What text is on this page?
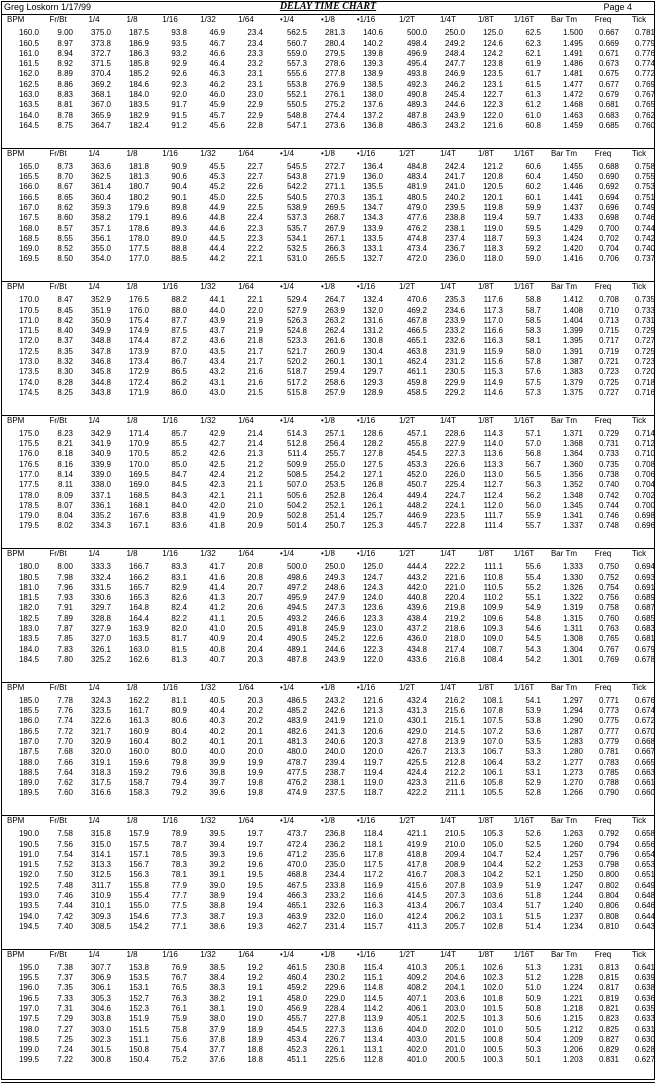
Greg Loskorn 1/17/99	DELAY TIME CHART	Page 4
BPM	Fr/Bt	1/4	1/8	1/16	1/32	1/64	•1/4	•1/8	•1/16	1/2T	1/4T	1/8T	1/16T	Bar Tm	Freq	Tick

160.0	9.00	375.0	187.5	93.8	46.9	23.4	562.5	281.3	140.6	500.0	250.0	125.0	62.5	1.500	0.667	0.781
160.5	8.97	373.8	186.9	93.5	46.7	23.4	560.7	280.4	140.2	498.4	249.2	124.6	62.3	1.495	0.669	0.779
161.0	8.94	372.7	186.3	93.2	46.6	23.3	559.0	279.5	139.8	496.9	248.4	124.2	62.1	1.491	0.671	0.776
161.5	8.92	371.5	185.8	92.9	46.4	23.2	557.3	278.6	139.3	495.4	247.7	123.8	61.9	1.486	0.673	0.774
162.0	8.89	370.4	185.2	92.6	46.3	23.1	555.6	277.8	138.9	493.8	246.9	123.5	61.7	1.481	0.675	0.772
162.5	8.86	369.2	184.6	92.3	46.2	23.1	553.8	276.9	138.5	492.3	246.2	123.1	61.5	1.477	0.677	0.769
163.0	8.83	368.1	184.0	92.0	46.0	23.0	552.1	276.1	138.0	490.8	245.4	122.7	61.3	1.472	0.679	0.767
163.5	8.81	367.0	183.5	91.7	45.9	22.9	550.5	275.2	137.6	489.3	244.6	122.3	61.2	1.468	0.681	0.765
164.0	8.78	365.9	182.9	91.5	45.7	22.9	548.8	274.4	137.2	487.8	243.9	122.0	61.0	1.463	0.683	0.762
164.5	8.75	364.7	182.4	91.2	45.6	22.8	547.1	273.6	136.8	486.3	243.2	121.6	60.8	1.459	0.685	0.760
BPM	Fr/Bt	1/4	1/8	1/16	1/32	1/64	•1/4	•1/8	•1/16	1/2T	1/4T	1/8T	1/16T	Bar Tm	Freq	Tick

165.0	8.73	363.6	181.8	90.9	45.5	22.7	545.5	272.7	136.4	484.8	242.4	121.2	60.6	1.455	0.688	0.758
165.5	8.70	362.5	181.3	90.6	45.3	22.7	543.8	271.9	136.0	483.4	241.7	120.8	60.4	1.450	0.690	0.755
166.0	8.67	361.4	180.7	90.4	45.2	22.6	542.2	271.1	135.5	481.9	241.0	120.5	60.2	1.446	0.692	0.753
166.5	8.65	360.4	180.2	90.1	45.0	22.5	540.5	270.3	135.1	480.5	240.2	120.1	60.1	1.441	0.694	0.751
167.0	8.62	359.3	179.6	89.8	44.9	22.5	538.9	269.5	134.7	479.0	239.5	119.8	59.9	1.437	0.696	0.749
167.5	8.60	358.2	179.1	89.6	44.8	22.4	537.3	268.7	134.3	477.6	238.8	119.4	59.7	1.433	0.698	0.746
168.0	8.57	357.1	178.6	89.3	44.6	22.3	535.7	267.9	133.9	476.2	238.1	119.0	59.5	1.429	0.700	0.744
168.5	8.55	356.1	178.0	89.0	44.5	22.3	534.1	267.1	133.5	474.8	237.4	118.7	59.3	1.424	0.702	0.742
169.0	8.52	355.0	177.5	88.8	44.4	22.2	532.5	266.3	133.1	473.4	236.7	118.3	59.2	1.420	0.704	0.740
169.5	8.50	354.0	177.0	88.5	44.2	22.1	531.0	265.5	132.7	472.0	236.0	118.0	59.0	1.416	0.706	0.737
BPM	Fr/Bt	1/4	1/8	1/16	1/32	1/64	•1/4	•1/8	•1/16	1/2T	1/4T	1/8T	1/16T	Bar Tm	Freq	Tick

170.0	8.47	352.9	176.5	88.2	44.1	22.1	529.4	264.7	132.4	470.6	235.3	117.6	58.8	1.412	0.708	0.735
170.5	8.45	351.9	176.0	88.0	44.0	22.0	527.9	263.9	132.0	469.2	234.6	117.3	58.7	1.408	0.710	0.733
171.0	8.42	350.9	175.4	87.7	43.9	21.9	526.3	263.2	131.6	467.8	233.9	117.0	58.5	1.404	0.713	0.731
171.5	8.40	349.9	174.9	87.5	43.7	21.9	524.8	262.4	131.2	466.5	233.2	116.6	58.3	1.399	0.715	0.729
172.0	8.37	348.8	174.4	87.2	43.6	21.8	523.3	261.6	130.8	465.1	232.6	116.3	58.1	1.395	0.717	0.727
172.5	8.35	347.8	173.9	87.0	43.5	21.7	521.7	260.9	130.4	463.8	231.9	115.9	58.0	1.391	0.719	0.725
173.0	8.32	346.8	173.4	86.7	43.4	21.7	520.2	260.1	130.1	462.4	231.2	115.6	57.8	1.387	0.721	0.723
173.5	8.30	345.8	172.9	86.5	43.2	21.6	518.7	259.4	129.7	461.1	230.5	115.3	57.6	1.383	0.723	0.720
174.0	8.28	344.8	172.4	86.2	43.1	21.6	517.2	258.6	129.3	459.8	229.9	114.9	57.5	1.379	0.725	0.718
174.5	8.25	343.8	171.9	86.0	43.0	21.5	515.8	257.9	128.9	458.5	229.2	114.6	57.3	1.375	0.727	0.716
BPM	Fr/Bt	1/4	1/8	1/16	1/32	1/64	•1/4	•1/8	•1/16	1/2T	1/4T	1/8T	1/16T	Bar Tm	Freq	Tick

175.0	8.23	342.9	171.4	85.7	42.9	21.4	514.3	257.1	128.6	457.1	228.6	114.3	57.1	1.371	0.729	0.714
175.5	8.21	341.9	170.9	85.5	42.7	21.4	512.8	256.4	128.2	455.8	227.9	114.0	57.0	1.368	0.731	0.712
176.0	8.18	340.9	170.5	85.2	42.6	21.3	511.4	255.7	127.8	454.5	227.3	113.6	56.8	1.364	0.733	0.710
176.5	8.16	339.9	170.0	85.0	42.5	21.2	509.9	255.0	127.5	453.3	226.6	113.3	56.7	1.360	0.735	0.708
177.0	8.14	339.0	169.5	84.7	42.4	21.2	508.5	254.2	127.1	452.0	226.0	113.0	56.5	1.356	0.738	0.706
177.5	8.11	338.0	169.0	84.5	42.3	21.1	507.0	253.5	126.8	450.7	225.4	112.7	56.3	1.352	0.740	0.704
178.0	8.09	337.1	168.5	84.3	42.1	21.1	505.6	252.8	126.4	449.4	224.7	112.4	56.2	1.348	0.742	0.702
178.5	8.07	336.1	168.1	84.0	42.0	21.0	504.2	252.1	126.1	448.2	224.1	112.0	56.0	1.345	0.744	0.700
179.0	8.04	335.2	167.6	83.8	41.9	20.9	502.8	251.4	125.7	446.9	223.5	111.7	55.9	1.341	0.746	0.698
179.5	8.02	334.3	167.1	83.6	41.8	20.9	501.4	250.7	125.3	445.7	222.8	111.4	55.7	1.337	0.748	0.696
BPM	Fr/Bt	1/4	1/8	1/16	1/32	1/64	•1/4	•1/8	•1/16	1/2T	1/4T	1/8T	1/16T	Bar Tm	Freq	Tick

180.0	8.00	333.3	166.7	83.3	41.7	20.8	500.0	250.0	125.0	444.4	222.2	111.1	55.6	1.333	0.750	0.694
180.5	7.98	332.4	166.2	83.1	41.6	20.8	498.6	249.3	124.7	443.2	221.6	110.8	55.4	1.330	0.752	0.693
181.0	7.96	331.5	165.7	82.9	41.4	20.7	497.2	248.6	124.3	442.0	221.0	110.5	55.2	1.326	0.754	0.691
181.5	7.93	330.6	165.3	82.6	41.3	20.7	495.9	247.9	124.0	440.8	220.4	110.2	55.1	1.322	0.756	0.689
182.0	7.91	329.7	164.8	82.4	41.2	20.6	494.5	247.3	123.6	439.6	219.8	109.9	54.9	1.319	0.758	0.687
182.5	7.89	328.8	164.4	82.2	41.1	20.5	493.2	246.6	123.3	438.4	219.2	109.6	54.8	1.315	0.760	0.685
183.0	7.87	327.9	163.9	82.0	41.0	20.5	491.8	245.9	123.0	437.2	218.6	109.3	54.6	1.311	0.763	0.683
183.5	7.85	327.0	163.5	81.7	40.9	20.4	490.5	245.2	122.6	436.0	218.0	109.0	54.5	1.308	0.765	0.681
184.0	7.83	326.1	163.0	81.5	40.8	20.4	489.1	244.6	122.3	434.8	217.4	108.7	54.3	1.304	0.767	0.679
184.5	7.80	325.2	162.6	81.3	40.7	20.3	487.8	243.9	122.0	433.6	216.8	108.4	54.2	1.301	0.769	0.678
BPM	Fr/Bt	1/4	1/8	1/16	1/32	1/64	•1/4	•1/8	•1/16	1/2T	1/4T	1/8T	1/16T	Bar Tm	Freq	Tick

185.0	7.78	324.3	162.2	81.1	40.5	20.3	486.5	243.2	121.6	432.4	216.2	108.1	54.1	1.297	0.771	0.676
185.5	7.76	323.5	161.7	80.9	40.4	20.2	485.2	242.6	121.3	431.3	215.6	107.8	53.9	1.294	0.773	0.674
186.0	7.74	322.6	161.3	80.6	40.3	20.2	483.9	241.9	121.0	430.1	215.1	107.5	53.8	1.290	0.775	0.672
186.5	7.72	321.7	160.9	80.4	40.2	20.1	482.6	241.3	120.6	429.0	214.5	107.2	53.6	1.287	0.777	0.670
187.0	7.70	320.9	160.4	80.2	40.1	20.1	481.3	240.6	120.3	427.8	213.9	107.0	53.5	1.283	0.779	0.668
187.5	7.68	320.0	160.0	80.0	40.0	20.0	480.0	240.0	120.0	426.7	213.3	106.7	53.3	1.280	0.781	0.667
188.0	7.66	319.1	159.6	79.8	39.9	19.9	478.7	239.4	119.7	425.5	212.8	106.4	53.2	1.277	0.783	0.665
188.5	7.64	318.3	159.2	79.6	39.8	19.9	477.5	238.7	119.4	424.4	212.2	106.1	53.1	1.273	0.785	0.663
189.0	7.62	317.5	158.7	79.4	39.7	19.8	476.2	238.1	119.0	423.3	211.6	105.8	52.9	1.270	0.788	0.661
189.5	7.60	316.6	158.3	79.2	39.6	19.8	474.9	237.5	118.7	422.2	211.1	105.5	52.8	1.266	0.790	0.660
BPM	Fr/Bt	1/4	1/8	1/16	1/32	1/64	•1/4	•1/8	•1/16	1/2T	1/4T	1/8T	1/16T	Bar Tm	Freq	Tick

190.0	7.58	315.8	157.9	78.9	39.5	19.7	473.7	236.8	118.4	421.1	210.5	105.3	52.6	1.263	0.792	0.658
190.5	7.56	315.0	157.5	78.7	39.4	19.7	472.4	236.2	118.1	419.9	210.0	105.0	52.5	1.260	0.794	0.656
191.0	7.54	314.1	157.1	78.5	39.3	19.6	471.2	235.6	117.8	418.8	209.4	104.7	52.4	1.257	0.796	0.654
191.5	7.52	313.3	156.7	78.3	39.2	19.6	470.0	235.0	117.5	417.8	208.9	104.4	52.2	1.253	0.798	0.653
192.0	7.50	312.5	156.3	78.1	39.1	19.5	468.8	234.4	117.2	416.7	208.3	104.2	52.1	1.250	0.800	0.651
192.5	7.48	311.7	155.8	77.9	39.0	19.5	467.5	233.8	116.9	415.6	207.8	103.9	51.9	1.247	0.802	0.649
193.0	7.46	310.9	155.4	77.7	38.9	19.4	466.3	233.2	116.6	414.5	207.3	103.6	51.8	1.244	0.804	0.648
193.5	7.44	310.1	155.0	77.5	38.8	19.4	465.1	232.6	116.3	413.4	206.7	103.4	51.7	1.240	0.806	0.646
194.0	7.42	309.3	154.6	77.3	38.7	19.3	463.9	232.0	116.0	412.4	206.2	103.1	51.5	1.237	0.808	0.644
194.5	7.40	308.5	154.2	77.1	38.6	19.3	462.7	231.4	115.7	411.3	205.7	102.8	51.4	1.234	0.810	0.643
BPM	Fr/Bt	1/4	1/8	1/16	1/32	1/64	•1/4	•1/8	•1/16	1/2T	1/4T	1/8T	1/16T	Bar Tm	Freq	Tick

195.0	7.38	307.7	153.8	76.9	38.5	19.2	461.5	230.8	115.4	410.3	205.1	102.6	51.3	1.231	0.813	0.641
195.5	7.37	306.9	153.5	76.7	38.4	19.2	460.4	230.2	115.1	409.2	204.6	102.3	51.2	1.228	0.815	0.639
196.0	7.35	306.1	153.1	76.5	38.3	19.1	459.2	229.6	114.8	408.2	204.1	102.0	51.0	1.224	0.817	0.638
196.5	7.33	305.3	152.7	76.3	38.2	19.1	458.0	229.0	114.5	407.1	203.6	101.8	50.9	1.221	0.819	0.636
197.0	7.31	304.6	152.3	76.1	38.1	19.0	456.9	228.4	114.2	406.1	203.0	101.5	50.8	1.218	0.821	0.635
197.5	7.29	303.8	151.9	75.9	38.0	19.0	455.7	227.8	113.9	405.1	202.5	101.3	50.6	1.215	0.823	0.633
198.0	7.27	303.0	151.5	75.8	37.9	18.9	454.5	227.3	113.6	404.0	202.0	101.0	50.5	1.212	0.825	0.631
198.5	7.25	302.3	151.1	75.6	37.8	18.9	453.4	226.7	113.4	403.0	201.5	100.8	50.4	1.209	0.827	0.630
199.0	7.24	301.5	150.8	75.4	37.7	18.8	452.3	226.1	113.1	402.0	201.0	100.5	50.3	1.206	0.829	0.628
199.5	7.22	300.8	150.4	75.2	37.6	18.8	451.1	225.6	112.8	401.0	200.5	100.3	50.1	1.203	0.831	0.627
